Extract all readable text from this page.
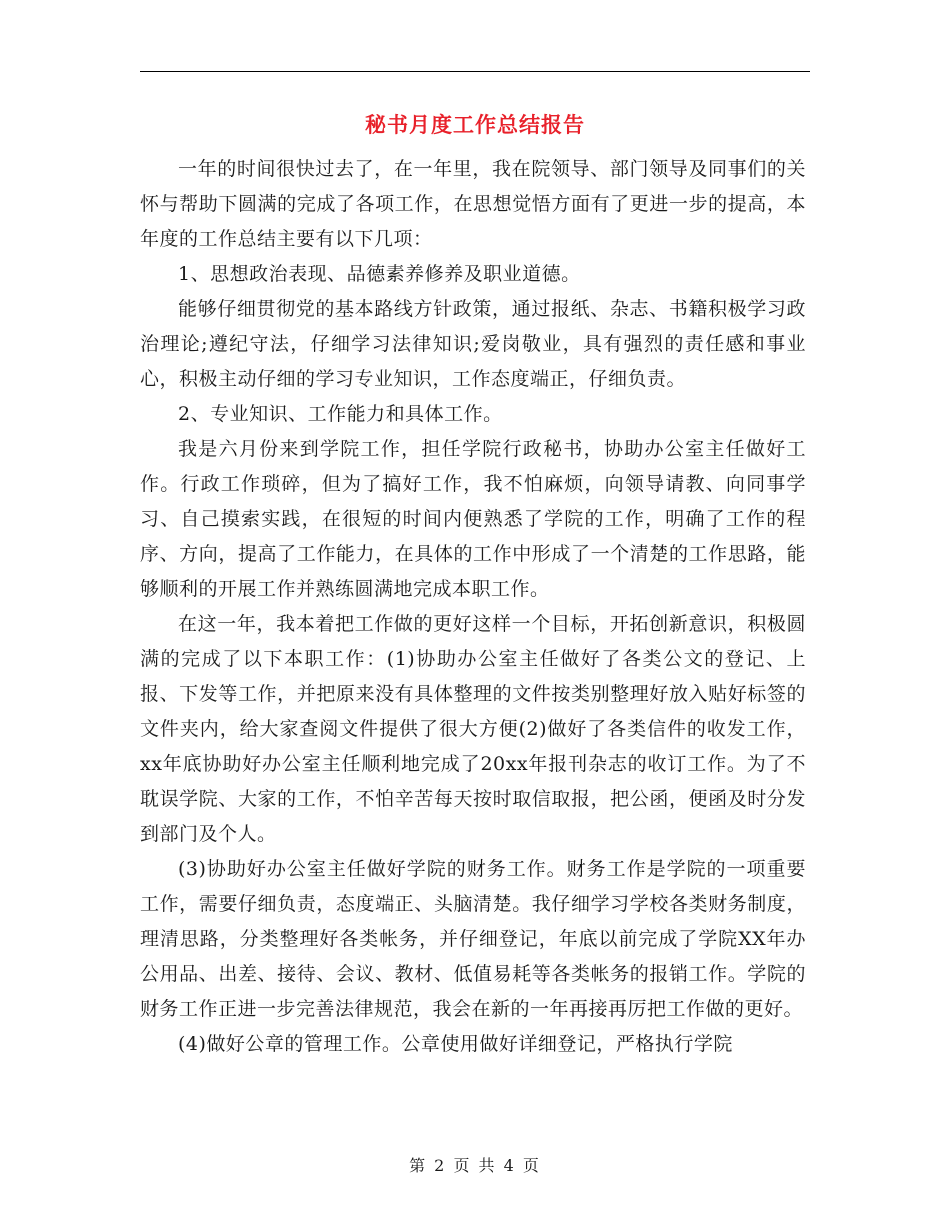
秘书月度工作总结报告

一年的时间很快过去了，在一年里，我在院领导、部门领导及同事们的关怀与帮助下圆满的完成了各项工作，在思想觉悟方面有了更进一步的提高，本年度的工作总结主要有以下几项：

1、思想政治表现、品德素养修养及职业道德。

能够仔细贯彻党的基本路线方针政策，通过报纸、杂志、书籍积极学习政治理论;遵纪守法，仔细学习法律知识;爱岗敬业，具有强烈的责任感和事业心，积极主动仔细的学习专业知识，工作态度端正，仔细负责。

2、专业知识、工作能力和具体工作。

我是六月份来到学院工作，担任学院行政秘书，协助办公室主任做好工作。行政工作琐碎，但为了搞好工作，我不怕麻烦，向领导请教、向同事学习、自己摸索实践，在很短的时间内便熟悉了学院的工作，明确了工作的程序、方向，提高了工作能力，在具体的工作中形成了一个清楚的工作思路，能够顺利的开展工作并熟练圆满地完成本职工作。

在这一年，我本着把工作做的更好这样一个目标，开拓创新意识，积极圆满的完成了以下本职工作：(1)协助办公室主任做好了各类公文的登记、上报、下发等工作，并把原来没有具体整理的文件按类别整理好放入贴好标签的文件夹内，给大家查阅文件提供了很大方便(2)做好了各类信件的收发工作，xx年底协助好办公室主任顺利地完成了20xx年报刊杂志的收订工作。为了不耽误学院、大家的工作，不怕辛苦每天按时取信取报，把公函，便函及时分发到部门及个人。

(3)协助好办公室主任做好学院的财务工作。财务工作是学院的一项重要工作，需要仔细负责，态度端正、头脑清楚。我仔细学习学校各类财务制度，理清思路，分类整理好各类帐务，并仔细登记，年底以前完成了学院XX年办公用品、出差、接待、会议、教材、低值易耗等各类帐务的报销工作。学院的财务工作正进一步完善法律规范，我会在新的一年再接再厉把工作做的更好。

(4)做好公章的管理工作。公章使用做好详细登记，严格执行学院

第 2 页 共 4 页
